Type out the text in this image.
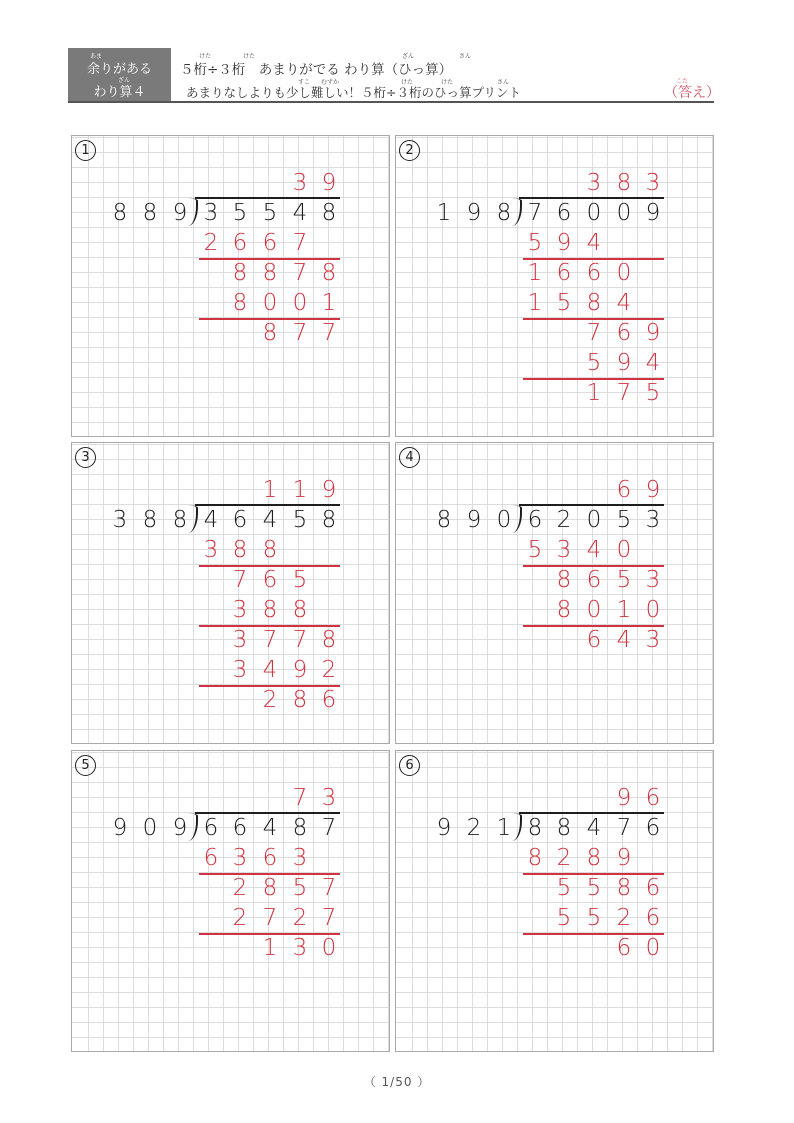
あま
余りがある
ざん
わり算４
けた	けた	ざん	さん
５桁÷３桁　あまりがでる わり算（ひっ算）
すこ むずか	けた	けた	さん
あまりなしよりも少し難しい！５桁÷３桁のひっ算プリント
こた
（答え）
1
3 9
8 8 9 3 5 5 4 8
2 6 6 7
8 8 7 8
8 0 0 1
8 7 7
2
3 8 3
1 9 8 7 6 0 0 9
5 9 4
1 6 6 0
1 5 8 4
7 6 9
5 9 4
1 7 5
3
1 1 9
3 8 8 4 6 4 5 8
3 8 8
7 6 5
3 8 8
3 7 7 8
3 4 9 2
2 8 6
4
6 9
8 9 0 6 2 0 5 3
5 3 4 0
8 6 5 3
8 0 1 0
6 4 3
5
7 3
9 0 9 6 6 4 8 7
6 3 6 3
2 8 5 7
2 7 2 7
1 3 0
6
9 6
9 2 1 8 8 4 7 6
8 2 8 9
5 5 8 6
5 5 2 6
6 0
（ 1/50 ）
